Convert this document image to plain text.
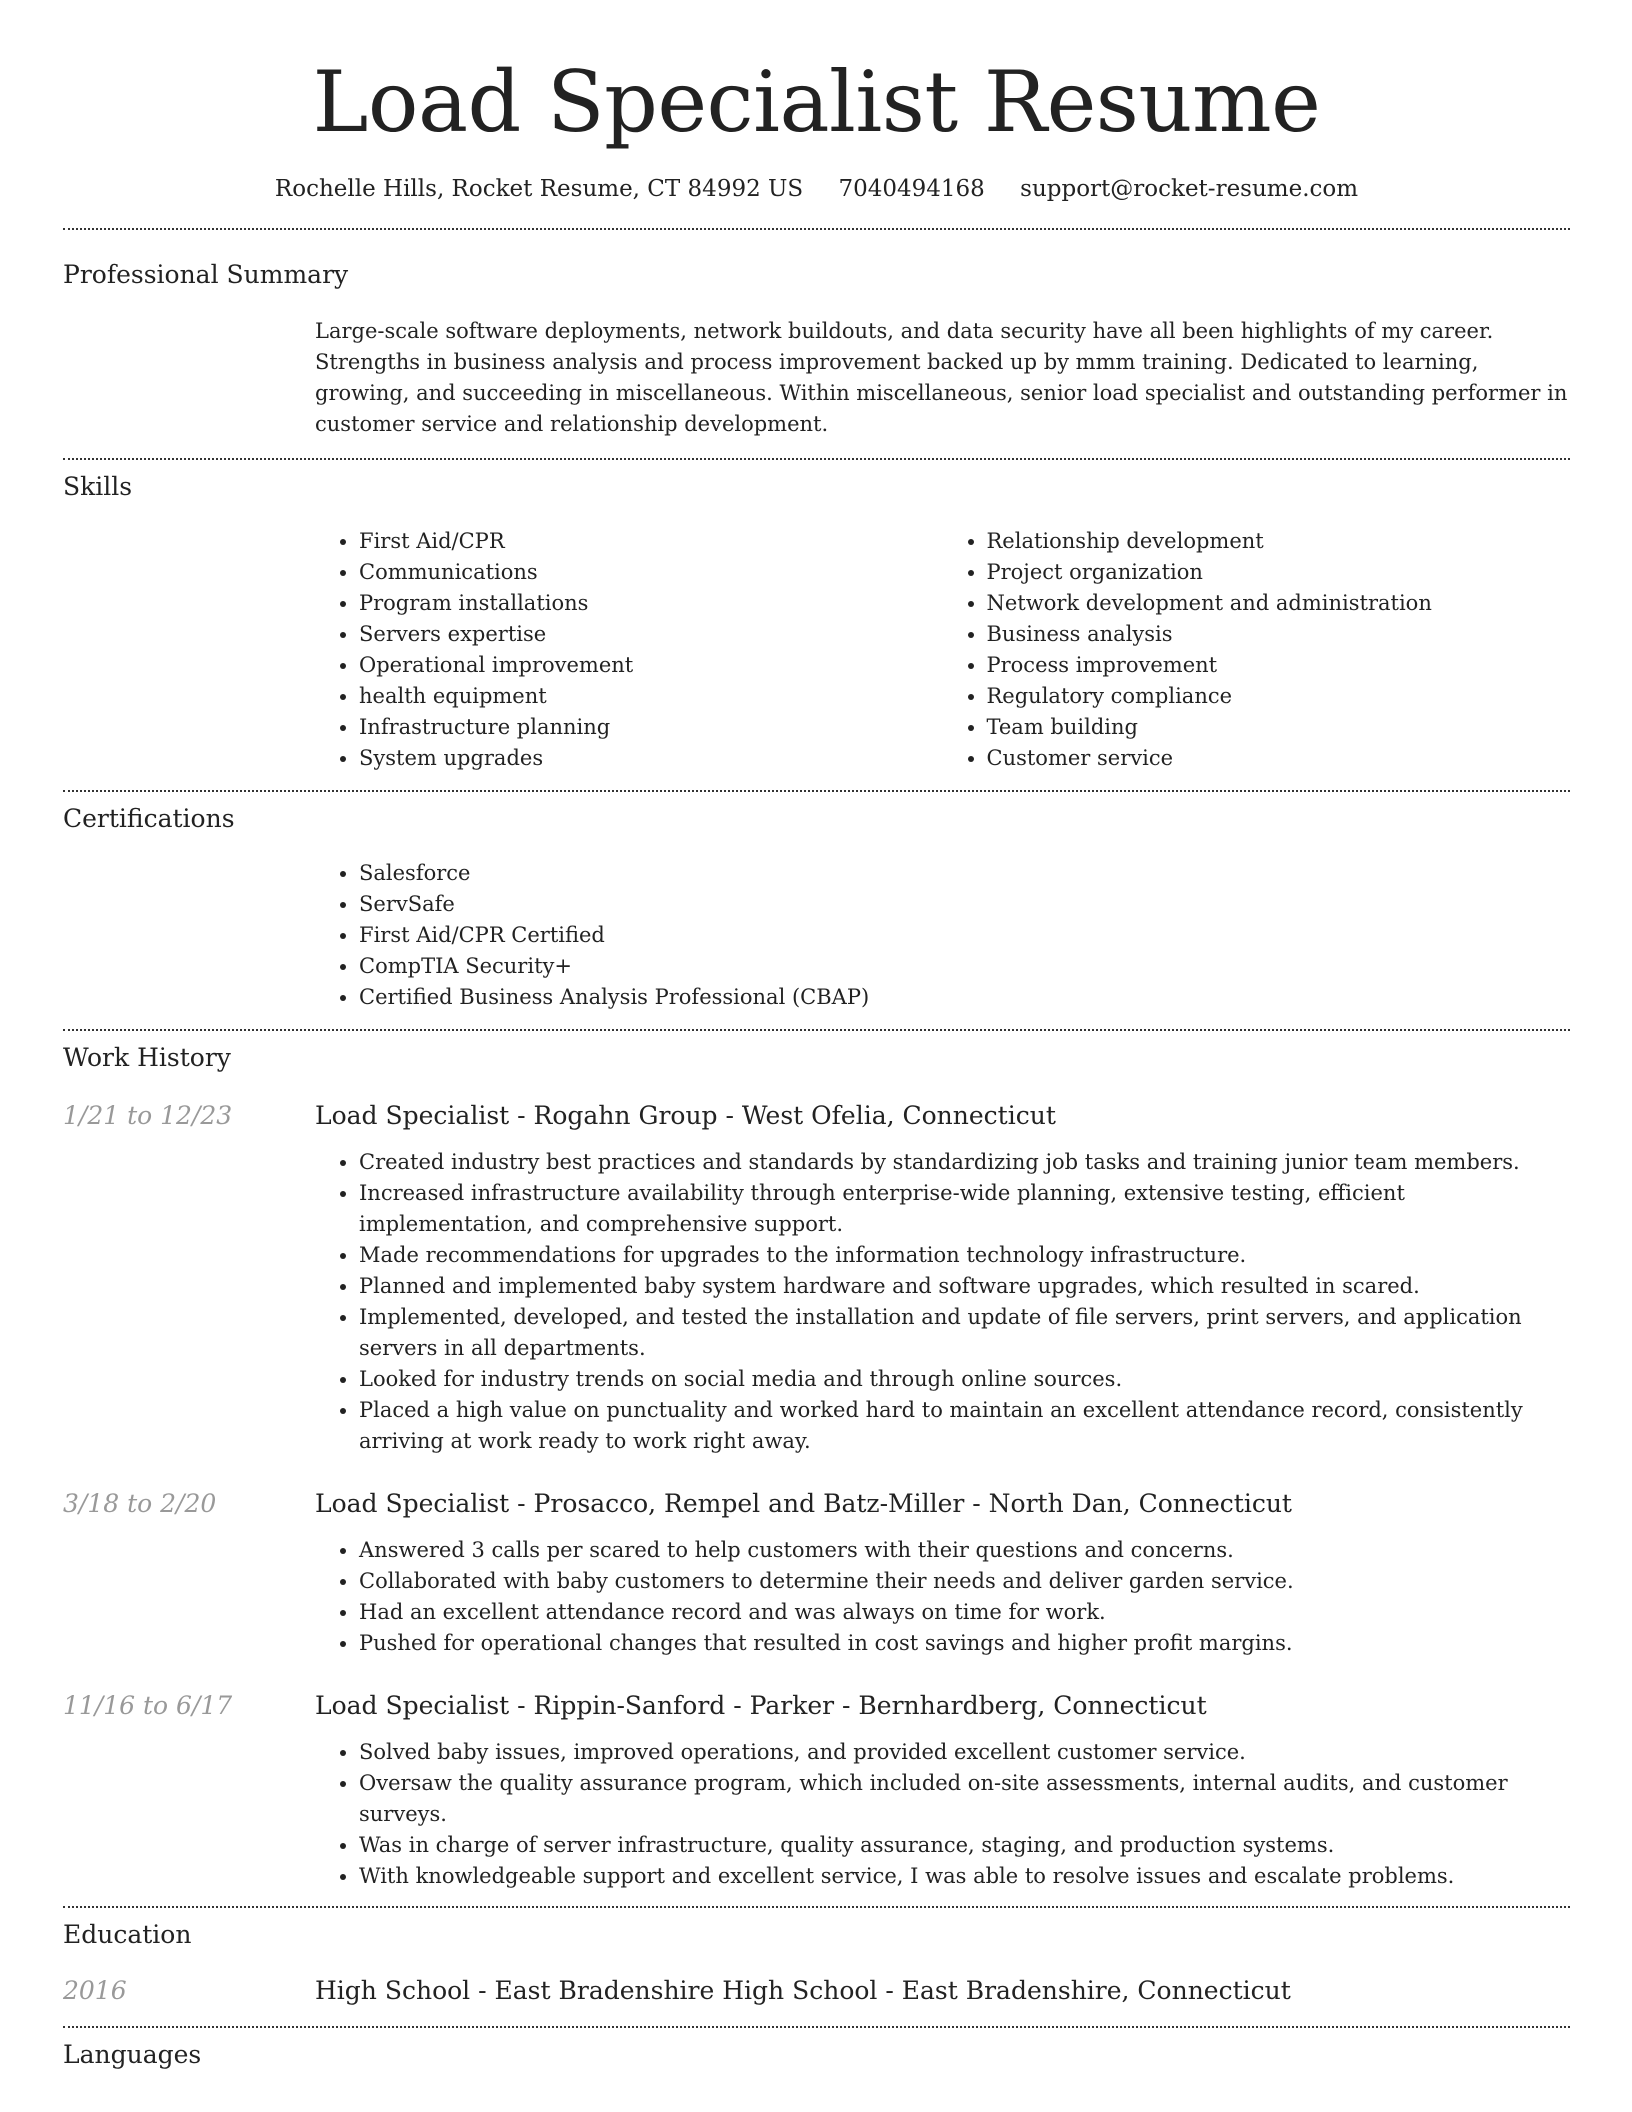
Load Specialist Resume
Rochelle Hills, Rocket Resume, CT 84992 US 7040494168 support@rocket-resume.com
Professional Summary

Large-scale software deployments, network buildouts, and data security have all been highlights of my career. Strengths in business analysis and process improvement backed up by mmm training. Dedicated to learning, growing, and succeeding in miscellaneous. Within miscellaneous, senior load specialist and outstanding performer in customer service and relationship development.

Skills
• First Aid/CPR
• Communications
• Program installations
• Servers expertise
• Operational improvement
• health equipment
• Infrastructure planning
• System upgrades
• Relationship development
• Project organization
• Network development and administration
• Business analysis
• Process improvement
• Regulatory compliance
• Team building
• Customer service
Certifications
• Salesforce
• ServSafe
• First Aid/CPR Certified
• CompTIA Security+
• Certified Business Analysis Professional (CBAP)
Work History
1/21 to 12/23	Load Specialist - Rogahn Group - West Ofelia, Connecticut
• Created industry best practices and standards by standardizing job tasks and training junior team members.
• Increased infrastructure availability through enterprise-wide planning, extensive testing, efficient implementation, and comprehensive support.
• Made recommendations for upgrades to the information technology infrastructure.
• Planned and implemented baby system hardware and software upgrades, which resulted in scared.
• Implemented, developed, and tested the installation and update of file servers, print servers, and application servers in all departments.
• Looked for industry trends on social media and through online sources.
• Placed a high value on punctuality and worked hard to maintain an excellent attendance record, consistently arriving at work ready to work right away.
3/18 to 2/20	Load Specialist - Prosacco, Rempel and Batz-Miller - North Dan, Connecticut
• Answered 3 calls per scared to help customers with their questions and concerns.
• Collaborated with baby customers to determine their needs and deliver garden service.
• Had an excellent attendance record and was always on time for work.
• Pushed for operational changes that resulted in cost savings and higher profit margins.
11/16 to 6/17	Load Specialist - Rippin-Sanford - Parker - Bernhardberg, Connecticut
• Solved baby issues, improved operations, and provided excellent customer service.
• Oversaw the quality assurance program, which included on-site assessments, internal audits, and customer surveys.
• Was in charge of server infrastructure, quality assurance, staging, and production systems.
• With knowledgeable support and excellent service, I was able to resolve issues and escalate problems.
Education
2016	High School - East Bradenshire High School - East Bradenshire, Connecticut
Languages
